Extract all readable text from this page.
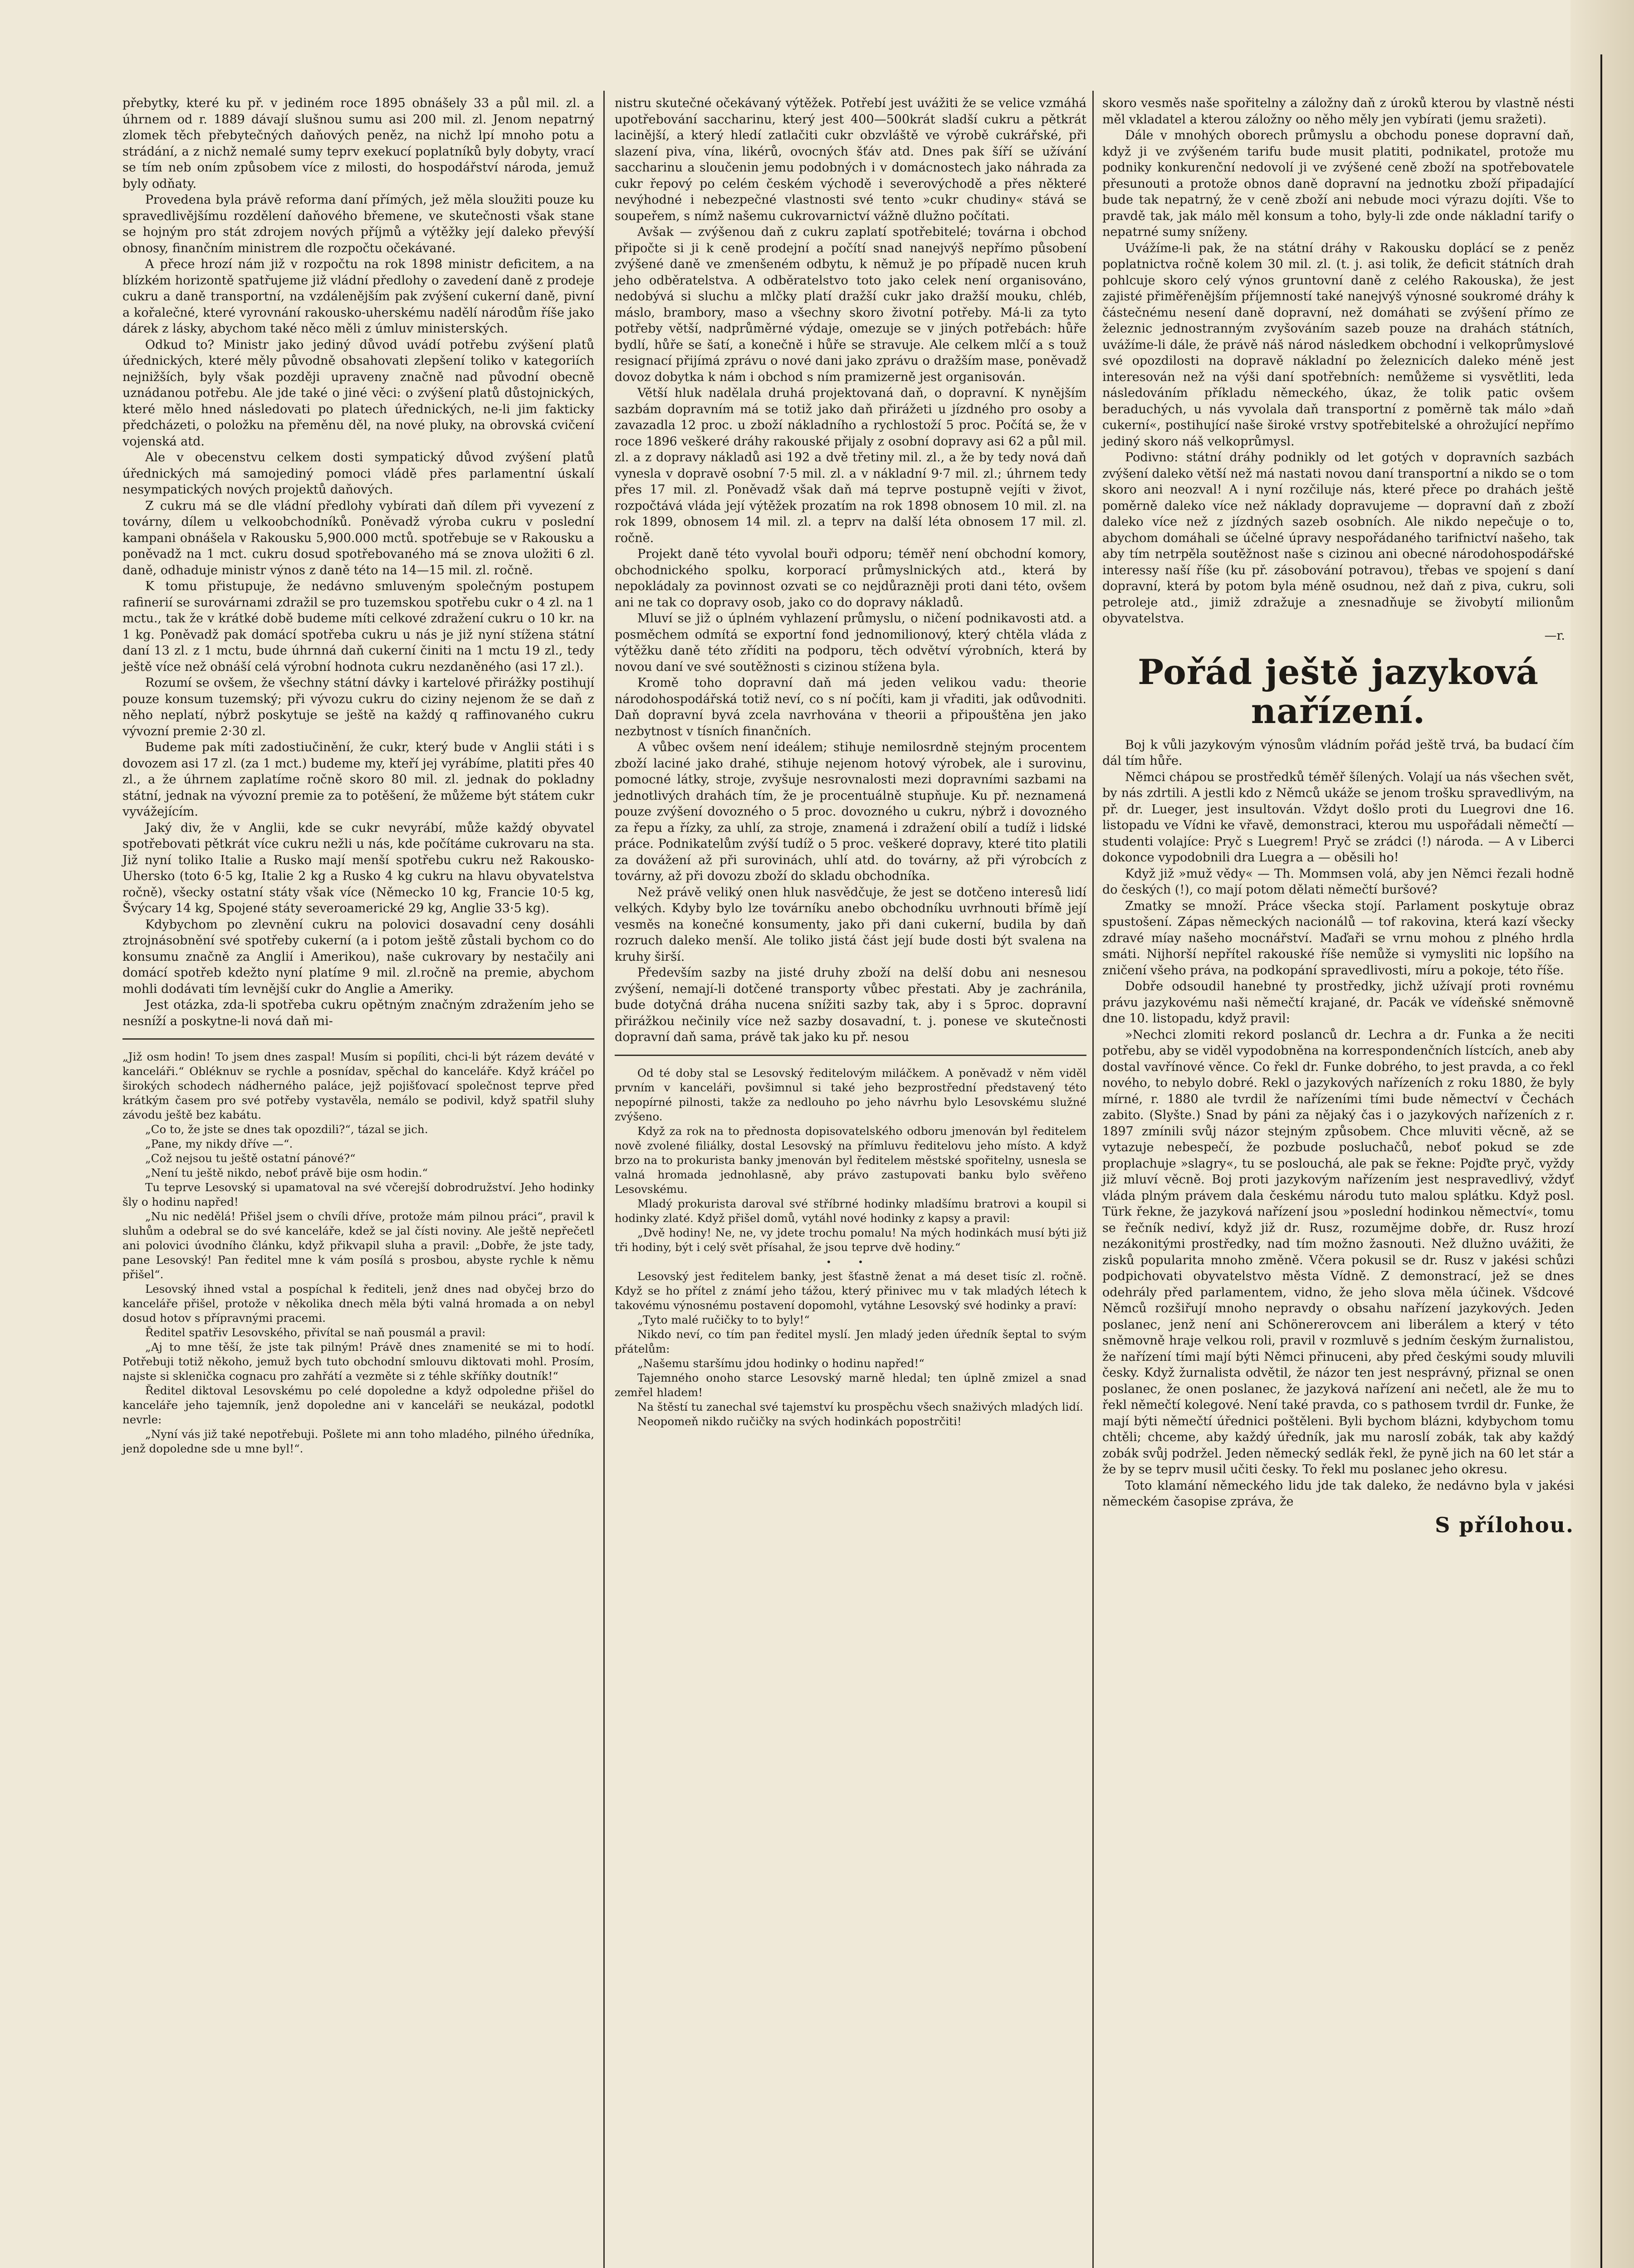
přebytky, které ku př. v jediném roce 1895 obnášely 33 a půl mil. zl. a úhrnem od r. 1889 dávají slušnou sumu asi 200 mil. zl. Jenom nepatrný zlomek těch přebytečných daňových peněz, na nichž lpí mnoho potu a strádání, a z nichž nemalé sumy teprv exekucí poplatníků byly dobyty, vrací se tím neb oním způsobem více z milosti, do hospodářství národa, jemuž byly odňaty.

Provedena byla právě reforma daní přímých, jež měla sloužiti pouze ku spravedlivějšímu rozdělení daňového břemene, ve skutečnosti však stane se hojným pro stát zdrojem nových příjmů a výtěžky její daleko převýší obnosy, finančním ministrem dle rozpočtu očekávané.

A přece hrozí nám již v rozpočtu na rok 1898 ministr deficitem, a na blízkém horizontě spatřujeme již vládní předlohy o zavedení daně z prodeje cukru a daně transportní, na vzdálenějším pak zvýšení cukerní daně, pivní a kořalečné, které vyrovnání rakousko-uherskému nadělí národům říše jako dárek z lásky, abychom také něco měli z úmluv ministerských.

Odkud to? Ministr jako jediný důvod uvádí potřebu zvýšení platů úřednických, které měly původně obsahovati zlepšení toliko v kategoriích nejnižších, byly však později upraveny značně nad původní obecně uznádanou potřebu. Ale jde také o jiné věci: o zvýšení platů důstojnických, které mělo hned následovati po platech úřednických, ne-li jim fakticky předcházeti, o položku na přeměnu děl, na nové pluky, na obrovská cvičení vojenská atd.

Ale v obecenstvu celkem dosti sympatický důvod zvýšení platů úřednických má samojediný pomoci vládě přes parlamentní úskalí nesympatických nových projektů daňových.

Z cukru má se dle vládní předlohy vybírati daň dílem při vyvezení z továrny, dílem u velkoobchodníků. Poněvadž výroba cukru v poslední kampani obnášela v Rakousku 5,900.000 mctů. spotřebuje se v Rakousku a poněvadž na 1 mct. cukru dosud spotřebovaného má se znova uložiti 6 zl. daně, odhaduje ministr výnos z daně této na 14—15 mil. zl. ročně.

K tomu přistupuje, že nedávno smluveným společným postupem rafinerií se surovárnami zdražil se pro tuzemskou spotřebu cukr o 4 zl. na 1 mctu., tak že v krátké době budeme míti celkové zdražení cukru o 10 kr. na 1 kg. Poněvadž pak domácí spotřeba cukru u nás je již nyní stížena státní daní 13 zl. z 1 mctu, bude úhrnná daň cukerní činiti na 1 mctu 19 zl., tedy ještě více než obnáší celá výrobní hodnota cukru nezdaněného (asi 17 zl.).

Rozumí se ovšem, že všechny státní dávky i kartelové přirážky postihují pouze konsum tuzemský; při vývozu cukru do ciziny nejenom že se daň z něho neplatí, nýbrž poskytuje se ještě na každý q raffinovaného cukru vývozní premie 2·30 zl.

Budeme pak míti zadostiučinění, že cukr, který bude v Anglii státi i s dovozem asi 17 zl. (za 1 mct.) budeme my, kteří jej vyrábíme, platiti přes 40 zl., a že úhrnem zaplatíme ročně skoro 80 mil. zl. jednak do pokladny státní, jednak na vývozní premie za to potěšení, že můžeme být státem cukr vyvážejícím.

Jaký div, že v Anglii, kde se cukr nevyrábí, může každý obyvatel spotřebovati pětkrát více cukru nežli u nás, kde počítáme cukrovaru na sta. Již nyní toliko Italie a Rusko mají menší spotřebu cukru než Rakousko-Uhersko (toto 6·5 kg, Italie 2 kg a Rusko 4 kg cukru na hlavu obyvatelstva ročně), všecky ostatní státy však více (Německo 10 kg, Francie 10·5 kg, Švýcary 14 kg, Spojené státy severoamerické 29 kg, Anglie 33·5 kg).

Kdybychom po zlevnění cukru na polovici dosavadní ceny dosáhli ztrojnásobnění své spotřeby cukerní (a i potom ještě zůstali bychom co do konsumu značně za Anglií i Amerikou), naše cukrovary by nestačily ani domácí spotřeb kdežto nyní platíme 9 mil. zl.ročně na premie, abychom mohli dodávati tím levnější cukr do Anglie a Ameriky.

Jest otázka, zda-li spotřeba cukru opětným značným zdražením jeho se nesníží a poskytne-li nová daň mi-

„Již osm hodin! To jsem dnes zaspal! Musím si popíliti, chci-li být rázem deváté v kanceláři.“ Obléknuv se rychle a posnídav, spěchal do kanceláře. Když kráčel po širokých schodech nádherného paláce, jejž pojišťovací společnost teprve před krátkým časem pro své potřeby vystavěla, nemálo se podivil, když spatřil sluhy závodu ještě bez kabátu.

„Co to, že jste se dnes tak opozdili?“, tázal se jich.

„Pane, my nikdy dříve —“.

„Což nejsou tu ještě ostatní pánové?“

„Není tu ještě nikdo, neboť právě bije osm hodin.“

Tu teprve Lesovský si upamatoval na své včerejší dobrodružství. Jeho hodinky šly o hodinu napřed!

„Nu nic nedělá! Přišel jsem o chvíli dříve, protože mám pilnou práci“, pravil k sluhům a odebral se do své kanceláře, kdež se jal čísti noviny. Ale ještě nepřečetl ani polovici úvodního článku, když přikvapil sluha a pravil: „Dobře, že jste tady, pane Lesovský! Pan ředitel mne k vám posílá s prosbou, abyste rychle k němu přišel“.

Lesovský ihned vstal a pospíchal k řediteli, jenž dnes nad obyčej brzo do kanceláře přišel, protože v několika dnech měla býti valná hromada a on nebyl dosud hotov s přípravnými pracemi.

Ředitel spatřiv Lesovského, přivítal se naň pousmál a pravil:

„Aj to mne těší, že jste tak pilným! Právě dnes znamenité se mi to hodí. Potřebuji totiž někoho, jemuž bych tuto obchodní smlouvu diktovati mohl. Prosím, najste si sklenička cognacu pro zahřátí a vezměte si z téhle skříňky doutník!“

Ředitel diktoval Lesovskému po celé dopoledne a když odpoledne přišel do kanceláře jeho tajemník, jenž dopoledne ani v kanceláři se neukázal, podotkl nevrle:

„Nyní vás již také nepotřebuji. Pošlete mi ann toho mladého, pilného úředníka, jenž dopoledne sde u mne byl!“.

nistru skutečné očekávaný výtěžek. Potřebí jest uvážiti že se velice vzmáhá upotřebování saccharinu, který jest 400—500krát sladší cukru a pětkrát lacinější, a který hledí zatlačiti cukr obzvláště ve výrobě cukrářské, při slazení piva, vína, likérů, ovocných šťáv atd. Dnes pak šíří se užívání saccharinu a sloučenin jemu podobných i v domácnostech jako náhrada za cukr řepový po celém českém východě i severovýchodě a přes některé nevýhodné i nebezpečné vlastnosti své tento »cukr chudiny« stává se soupeřem, s nímž našemu cukrovarnictví vážně dlužno počítati.

Avšak — zvýšenou daň z cukru zaplatí spotřebitelé; továrna i obchod připočte si ji k ceně prodejní a počítí snad nanejvýš nepřímo působení zvýšené daně ve zmenšeném odbytu, k němuž je po případě nucen kruh jeho odběratelstva. A odběratelstvo toto jako celek není organisováno, nedobývá si sluchu a mlčky platí dražší cukr jako dražší mouku, chléb, máslo, brambory, maso a všechny skoro životní potřeby. Má-li za tyto potřeby větší, nadprůměrné výdaje, omezuje se v jiných potřebách: hůře bydlí, hůře se šatí, a konečně i hůře se stravuje. Ale celkem mlčí a s touž resignací přijímá zprávu o nové dani jako zprávu o dražším mase, poněvadž dovoz dobytka k nám i obchod s ním pramizerně jest organisován.

Větší hluk nadělala druhá projektovaná daň, o dopravní. K nynějším sazbám dopravním má se totiž jako daň přirážeti u jízdného pro osoby a zavazadla 12 proc. u zboží nákladního a rychlostoží 5 proc. Počítá se, že v roce 1896 veškeré dráhy rakouské přijaly z osobní dopravy asi 62 a půl mil. zl. a z dopravy nákladů asi 192 a dvě třetiny mil. zl., a že by tedy nová daň vynesla v dopravě osobní 7·5 mil. zl. a v nákladní 9·7 mil. zl.; úhrnem tedy přes 17 mil. zl. Poněvadž však daň má teprve postupně vejíti v život, rozpočtává vláda její výtěžek prozatím na rok 1898 obnosem 10 mil. zl. na rok 1899, obnosem 14 mil. zl. a teprv na další léta obnosem 17 mil. zl. ročně.

Projekt daně této vyvolal bouři odporu; téměř není obchodní komory, obchodnického spolku, korporací průmyslnických atd., která by nepokládaly za povinnost ozvati se co nejdůrazněji proti dani této, ovšem ani ne tak co dopravy osob, jako co do dopravy nákladů.

Mluví se již o úplném vyhlazení průmyslu, o ničení podnikavosti atd. a posměchem odmítá se exportní fond jednomilionový, který chtěla vláda z výtěžku daně této zříditi na podporu, těch odvětví výrobních, která by novou daní ve své soutěžnosti s cizinou stížena byla.

Kromě toho dopravní daň má jeden velikou vadu: theorie národohospodářská totiž neví, co s ní počíti, kam ji vřaditi, jak odůvodniti. Daň dopravní byvá zcela navrhována v theorii a připouštěna jen jako nezbytnost v tísních finančních.

A vůbec ovšem není ideálem; stihuje nemilosrdně stejným procentem zboží laciné jako drahé, stihuje nejenom hotový výrobek, ale i surovinu, pomocné látky, stroje, zvyšuje nesrovnalosti mezi dopravními sazbami na jednotlivých drahách tím, že je procentuálně stupňuje. Ku př. neznamená pouze zvýšení dovozného o 5 proc. dovozného u cukru, nýbrž i dovozného za řepu a řízky, za uhlí, za stroje, znamená i zdražení obilí a tudíž i lidské práce. Podnikatelům zvýší tudíž o 5 proc. veškeré dopravy, které tito platili za dovážení až při surovinách, uhlí atd. do továrny, až při výrobcích z továrny, až při dovozu zboží do skladu obchodníka.

Než právě veliký onen hluk nasvědčuje, že jest se dotčeno interesů lidí velkých. Kdyby bylo lze továrníku anebo obchodníku uvrhnouti břímě její vesměs na konečné konsumenty, jako při dani cukerní, budila by daň rozruch daleko menší. Ale toliko jistá část její bude dosti být svalena na kruhy širší.

Především sazby na jisté druhy zboží na delší dobu ani nesnesou zvýšení, nemají-li dotčené transporty vůbec přestati. Aby je zachránila, bude dotyčná dráha nucena snížiti sazby tak, aby i s 5proc. dopravní přirážkou nečinily více než sazby dosavadní, t. j. ponese ve skutečnosti dopravní daň sama, právě tak jako ku př. nesou

Od té doby stal se Lesovský ředitelovým miláčkem. A poněvadž v něm viděl prvním v kanceláři, povšimnul si také jeho bezprostřední představený této nepopírné pilnosti, takže za nedlouho po jeho návrhu bylo Lesovskému služné zvýšeno.

Když za rok na to přednosta dopisovatelského odboru jmenován byl ředitelem nově zvolené filiálky, dostal Lesovský na přímluvu ředitelovu jeho místo. A když brzo na to prokurista banky jmenován byl ředitelem městské spořitelny, usnesla se valná hromada jednohlasně, aby právo zastupovati banku bylo svěřeno Lesovskému.

Mladý prokurista daroval své stříbrné hodinky mladšímu bratrovi a koupil si hodinky zlaté. Když přišel domů, vytáhl nové hodinky z kapsy a pravil:

„Dvě hodiny! Ne, ne, vy jdete trochu pomalu! Na mých hodinkách musí býti již tři hodiny, být i celý svět přísahal, že jsou teprve dvě hodiny.“

• •

Lesovský jest ředitelem banky, jest šťastně ženat a má deset tisíc zl. ročně. Když se ho přítel z známí jeho tážou, který přinivec mu v tak mladých létech k takovému výnosnému postavení dopomohl, vytáhne Lesovský své hodinky a praví:

„Tyto malé ručičky to to byly!“

Nikdo neví, co tím pan ředitel myslí. Jen mladý jeden úředník šeptal to svým přátelům:

„Našemu staršímu jdou hodinky o hodinu napřed!“

Tajemného onoho starce Lesovský marně hledal; ten úplně zmizel a snad zemřel hladem!

Na štěstí tu zanechal své tajemství ku prospěchu všech snaživých mladých lidí.

Neopomeň nikdo ručičky na svých hodinkách popostrčiti!

skoro vesměs naše spořitelny a záložny daň z úroků kterou by vlastně nésti měl vkladatel a kterou záložny oo něho měly jen vybírati (jemu sražeti).

Dále v mnohých oborech průmyslu a obchodu ponese dopravní daň, když ji ve zvýšeném tarifu bude musit platiti, podnikatel, protože mu podniky konkurenční nedovolí ji ve zvýšené ceně zboží na spotřebovatele přesunouti a protože obnos daně dopravní na jednotku zboží připadající bude tak nepatrný, že v ceně zboží ani nebude moci výrazu dojíti. Vše to pravdě tak, jak málo měl konsum a toho, byly-li zde onde nákladní tarify o nepatrné sumy sníženy.

Uvážíme-li pak, že na státní dráhy v Rakousku doplácí se z peněz poplatnictva ročně kolem 30 mil. zl. (t. j. asi tolik, že deficit státních drah pohlcuje skoro celý výnos gruntovní daně z celého Rakouska), že jest zajisté přiměřenějším příjemností také nanejvýš výnosné soukromé dráhy k částečnému nesení daně dopravní, než domáhati se zvýšení přímo ze železnic jednostranným zvyšováním sazeb pouze na drahách státních, uvážíme-li dále, že právě náš národ následkem obchodní i velkoprůmyslové své opozdilosti na dopravě nákladní po železnicích daleko méně jest interesován než na výši daní spotřebních: nemůžeme si vysvětliti, leda následováním příkladu německého, úkaz, že tolik patic ovšem beraduchých, u nás vyvolala daň transportní z poměrně tak málo »daň cukerní«, postihující naše široké vrstvy spotřebitelské a ohrožující nepřímo jediný skoro náš velkoprůmysl.

Podivno: státní dráhy podnikly od let gotých v dopravních sazbách zvýšení daleko větší než má nastati novou daní transportní a nikdo se o tom skoro ani neozval! A i nyní rozčiluje nás, které přece po drahách ještě poměrně daleko více než náklady dopravujeme — dopravní daň z zboží daleko více než z jízdných sazeb osobních. Ale nikdo nepečuje o to, abychom domáhali se účelné úpravy nespořádaného tarifnictví našeho, tak aby tím netrpěla soutěžnost naše s cizinou ani obecné národohospodářské interessy naší říše (ku př. zásobování potravou), třebas ve spojení s daní dopravní, která by potom byla méně osudnou, než daň z piva, cukru, soli petroleje atd., jimiž zdražuje a znesnadňuje se živobytí milionům obyvatelstva.

—r.
Pořád ještě jazyková nařízení.

Boj k vůli jazykovým výnosům vládním pořád ještě trvá, ba budací čím dál tím hůře.

Němci chápou se prostředků téměř šílených. Volají ua nás všechen svět, by nás zdrtili. A jestli kdo z Němců ukáže se jenom trošku spravedlivým, na př. dr. Lueger, jest insultován. Vždyt došlo proti du Luegrovi dne 16. listopadu ve Vídni ke vřavě, demonstraci, kterou mu uspořádali němečtí — studenti volajíce: Pryč s Luegrem! Pryč se zrádci (!) národa. — A v Liberci dokonce vypodobnili dra Luegra a — oběsili ho!

Když již »muž vědy« — Th. Mommsen volá, aby jen Němci řezali hodně do českých (!), co mají potom dělati němečtí buršové?

Zmatky se množí. Práce všecka stojí. Parlament poskytuje obraz spustošení. Zápas německých nacionálů — tof rakovina, která kazí všecky zdravé míay našeho mocnářství. Maďaři se vrnu mohou z plného hrdla smáti. Nijhorší nepřítel rakouské říše nemůže si vymysliti nic lopšího na zničení všeho práva, na podkopání spravedlivosti, míru a pokoje, této říše.

Dobře odsoudil hanebné ty prostředky, jichž užívají proti rovnému právu jazykovému naši němečtí krajané, dr. Pacák ve vídeňské sněmovně dne 10. listopadu, když pravil:

»Nechci zlomiti rekord poslanců dr. Lechra a dr. Funka a že neciti potřebu, aby se viděl vypodobněna na korrespondenčních lístcích, aneb aby dostal vavřínové věnce. Co řekl dr. Funke dobrého, to jest pravda, a co řekl nového, to nebylo dobré. Rekl o jazykových nařízeních z roku 1880, že byly mírné, r. 1880 ale tvrdil že nařízeními tími bude němectví v Čechách zabito. (Slyšte.) Snad by páni za nějaký čas i o jazykových nařízeních z r. 1897 zmínili svůj názor stejným způsobem. Chce mluviti věcně, až se vytazuje nebespečí, že pozbude posluchačů, neboť pokud se zde proplachuje »slagry«, tu se poslouchá, ale pak se řekne: Pojďte pryč, vyždy již mluví věcně. Boj proti jazykovým nařízením jest nespravedlivý, vždyť vláda plným právem dala českému národu tuto malou splátku. Když posl. Türk řekne, že jazyková nařízení jsou »poslední hodinkou němectví«, tomu se řečník nediví, když již dr. Rusz, rozumějme dobře, dr. Rusz hrozí nezákonitými prostředky, nad tím možno žasnouti. Než dlužno uvážiti, že zisků popularita mnoho změně. Včera pokusil se dr. Rusz v jakési schůzi podpichovati obyvatelstvo města Vídně. Z demonstrací, jež se dnes odehrály před parlamentem, vidno, že jeho slova měla účinek. Všdcové Němců rozšiřují mnoho nepravdy o obsahu nařízení jazykových. Jeden poslanec, jenž není ani Schönererovcem ani liberálem a který v této sněmovně hraje velkou roli, pravil v rozmluvě s jedním českým žurnalistou, že nařízení tími mají býti Němci přinuceni, aby před českými soudy mluvili česky. Když žurnalista odvětil, že názor ten jest nesprávný, přiznal se onen poslanec, že onen poslanec, že jazyková nařízení ani nečetl, ale že mu to řekl němečtí kolegové. Není také pravda, co s pathosem tvrdil dr. Funke, že mají býti němečtí úřednici poštěleni. Byli bychom blázni, kdybychom tomu chtěli; chceme, aby každý úředník, jak mu naroslí zobák, tak aby každý zobák svůj podržel. Jeden německý sedlák řekl, že pyně jich na 60 let stár a že by se teprv musil učiti česky. To řekl mu poslanec jeho okresu.

Toto klamání německého lidu jde tak daleko, že nedávno byla v jakési německém časopise zpráva, že

S přílohou.
